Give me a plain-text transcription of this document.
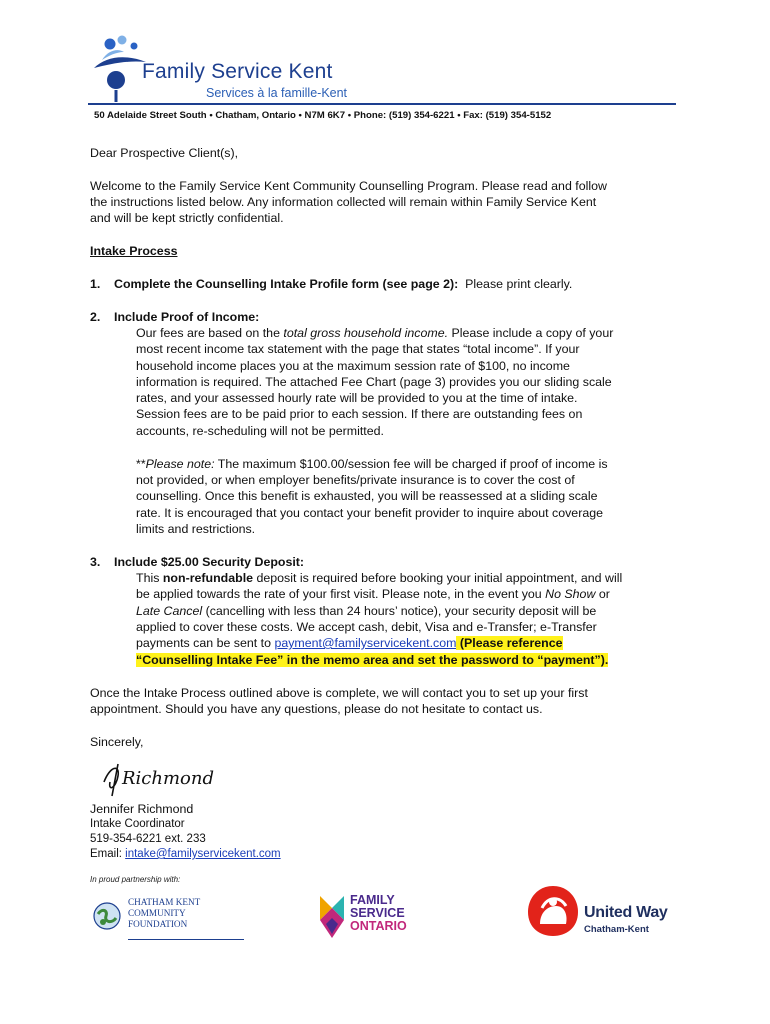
Family Service Kent
Services à la famille-Kent
50 Adelaide Street South • Chatham, Ontario • N7M 6K7 • Phone: (519) 354-6221 • Fax: (519) 354-5152
Dear Prospective Client(s),
Welcome to the Family Service Kent Community Counselling Program. Please read and follow
the instructions listed below. Any information collected will remain within Family Service Kent
and will be kept strictly confidential.
Intake Process
1. Complete the Counselling Intake Profile form (see page 2): Please print clearly.
2. Include Proof of Income:
Our fees are based on the total gross household income. Please include a copy of your
most recent income tax statement with the page that states “total income”. If your
household income places you at the maximum session rate of $100, no income
information is required. The attached Fee Chart (page 3) provides you our sliding scale
rates, and your assessed hourly rate will be provided to you at the time of intake.
Session fees are to be paid prior to each session. If there are outstanding fees on
accounts, re-scheduling will not be permitted.
**Please note: The maximum $100.00/session fee will be charged if proof of income is
not provided, or when employer benefits/private insurance is to cover the cost of
counselling. Once this benefit is exhausted, you will be reassessed at a sliding scale
rate. It is encouraged that you contact your benefit provider to inquire about coverage
limits and restrictions.
3. Include $25.00 Security Deposit:
This non-refundable deposit is required before booking your initial appointment, and will
be applied towards the rate of your first visit. Please note, in the event you No Show or
Late Cancel (cancelling with less than 24 hours’ notice), your security deposit will be
applied to cover these costs. We accept cash, debit, Visa and e-Transfer; e-Transfer
payments can be sent to payment@familyservicekent.com (Please reference
“Counselling Intake Fee” in the memo area and set the password to “payment”).
Once the Intake Process outlined above is complete, we will contact you to set up your first
appointment. Should you have any questions, please do not hesitate to contact us.
Sincerely,
Richmond
Jennifer Richmond
Intake Coordinator
519-354-6221 ext. 233
Email: intake@familyservicekent.com
In proud partnership with:
CHATHAM KENT
COMMUNITY
FOUNDATION
FAMILY
SERVICE
ONTARIO
United Way
Chatham-Kent
